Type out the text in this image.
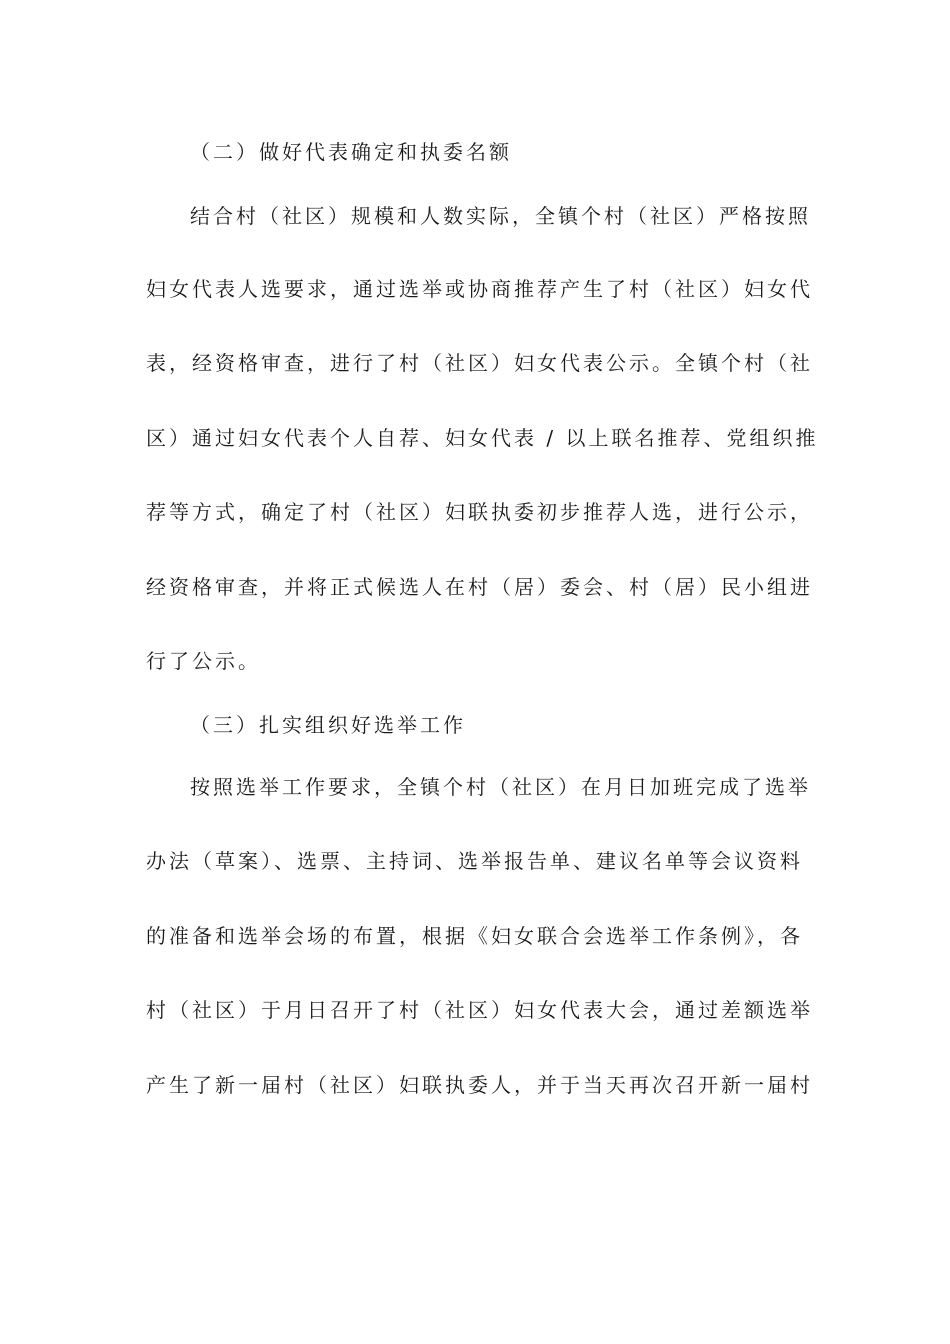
（二）做好代表确定和执委名额
结合村（社区）规模和人数实际，全镇个村（社区）严格按照
妇女代表人选要求，通过选举或协商推荐产生了村（社区）妇女代
表，经资格审查，进行了村（社区）妇女代表公示。全镇个村（社
区）通过妇女代表个人自荐、妇女代表 / 以上联名推荐、党组织推
荐等方式，确定了村（社区）妇联执委初步推荐人选，进行公示，
经资格审查，并将正式候选人在村（居）委会、村（居）民小组进
行了公示。
（三）扎实组织好选举工作
按照选举工作要求，全镇个村（社区）在月日加班完成了选举
办法（草案）、选票、主持词、选举报告单、建议名单等会议资料
的准备和选举会场的布置，根据《妇女联合会选举工作条例》，各
村（社区）于月日召开了村（社区）妇女代表大会，通过差额选举
产生了新一届村（社区）妇联执委人，并于当天再次召开新一届村
